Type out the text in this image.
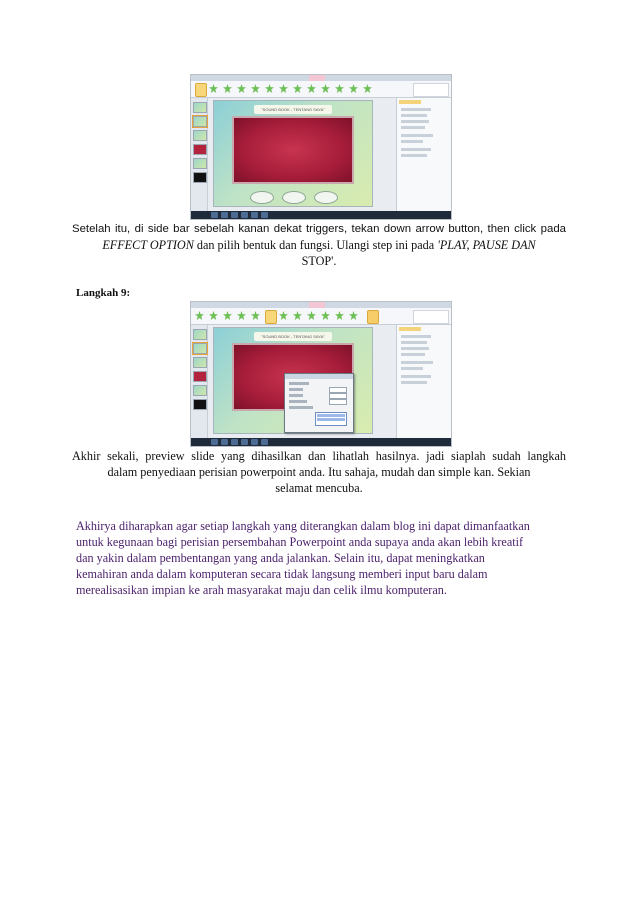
"SOUND BOOK - TENTANG SAYA"
Setelah itu, di side bar sebelah kanan dekat triggers, tekan down arrow button, then click pada
EFFECT OPTION dan pilih bentuk dan fungsi. Ulangi step ini pada 'PLAY, PAUSE DAN
STOP'.
Langkah 9:
"SOUND BOOK - TENTANG SAYA"
Akhir sekali, preview slide yang dihasilkan dan lihatlah hasilnya. jadi siaplah sudah langkah
dalam penyediaan perisian powerpoint anda. Itu sahaja, mudah dan simple kan. Sekian
selamat mencuba.
Akhirya diharapkan agar setiap langkah yang diterangkan dalam blog ini dapat dimanfaatkan
untuk kegunaan bagi perisian persembahan Powerpoint anda supaya anda akan lebih kreatif
dan yakin dalam pembentangan yang anda jalankan. Selain itu, dapat meningkatkan
kemahiran anda dalam komputeran secara tidak langsung memberi input baru dalam
merealisasikan impian ke arah masyarakat maju dan celik ilmu komputeran.
